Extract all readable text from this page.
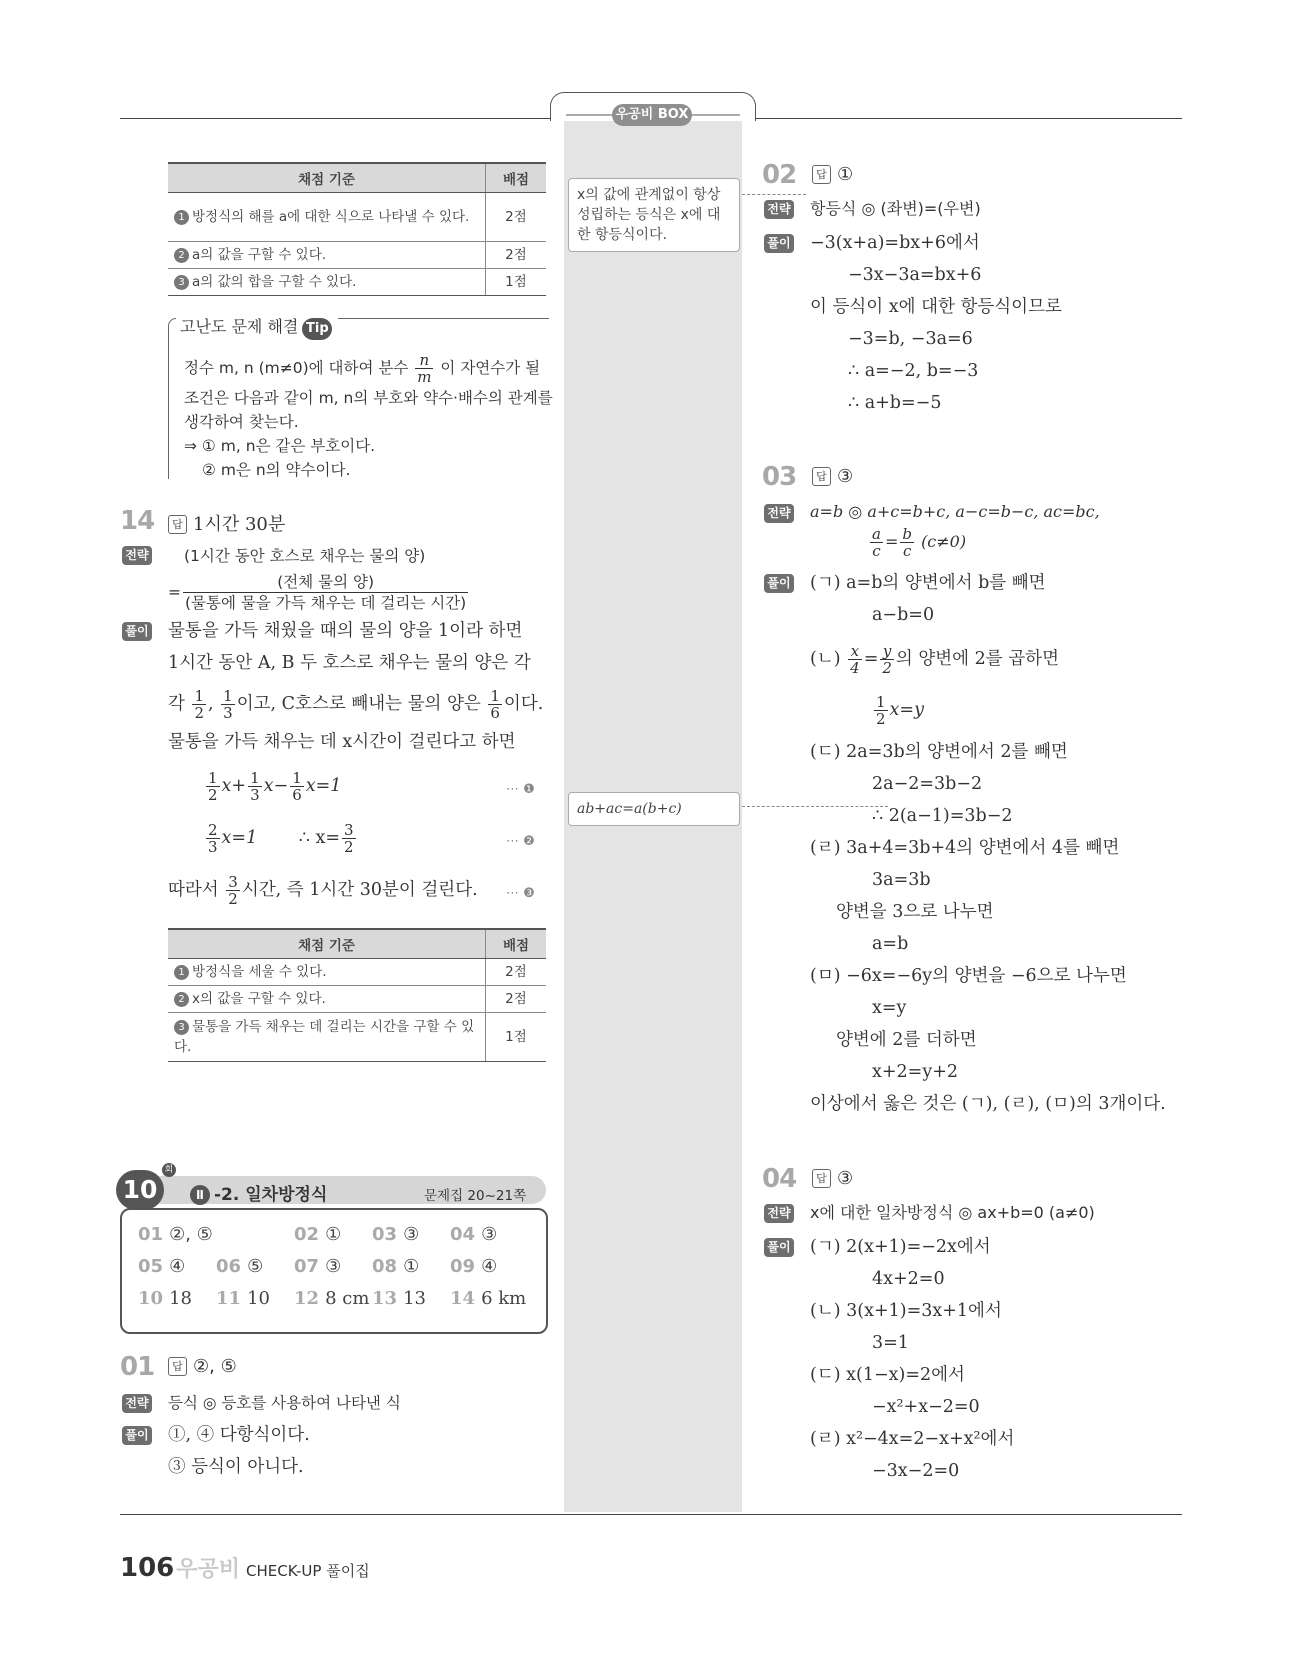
우공비 BOX
채점 기준	배점
1 방정식의 해를 a에 대한 식으로 나타낼 수 있다.	2점
2 a의 값을 구할 수 있다.	2점
3 a의 값의 합을 구할 수 있다.	1점
고난도 문제 해결 Tip
정수 m, n (m≠0)에 대하여 분수 $\frac{n}{m}$ 이 자연수가 될
조건은 다음과 같이 m, n의 부호와 약수·배수의 관계를
생각하여 찾는다.
⇒ ① m, n은 같은 부호이다.
② m은 n의 약수이다.
14	답 1시간 30분
전략 (1시간 동안 호스로 채우는 물의 양)
= $\frac{\text{(전체 물의 양)}}{\text{(물통에 물을 가득 채우는 데 걸리는 시간)}}$
풀이 물통을 가득 채웠을 때의 물의 양을 1이라 하면
1시간 동안 A, B 두 호스로 채우는 물의 양은 각
각 $\frac{1}{2}$ , $\frac{1}{3}$ 이고, C호스로 빼내는 물의 양은 $\frac{1}{6}$ 이다.
물통을 가득 채우는 데 x시간이 걸린다고 하면
$\frac{1}{2} x+ \frac{1}{3} x- \frac{1}{6} x=1$	⋯ ❶
$\frac{2}{3} x=1$ ∴ $x= \frac{3}{2}$	⋯ ❷
따라서 $\frac{3}{2}$ 시간, 즉 1시간 30분이 걸린다. ⋯ ❸
채점 기준	배점
1 방정식을 세울 수 있다.	2점
2 x의 값을 구할 수 있다.	2점
3 물통을 가득 채우는 데 걸리는 시간을 구할 수 있다.	1점
10
회
Ⅱ -2. 일차방정식	문제집 20~21쪽
01 ②, ⑤	02 ① 03 ③ 04 ③
05 ④ 06 ⑤ 07 ③ 08 ① 09 ④
10 18 11 10 12 8 cm 13 13 14 6 km
01	답 ②, ⑤
전략 등식 ◎ 등호를 사용하여 나타낸 식
풀이 ①, ④ 다항식이다.
③ 등식이 아니다.
x의 값에 관계없이 항상 성립하는 등식은 x에 대한 항등식이다.
ab+ac=a(b+c)
02	답 ①
전략 항등식 ◎ (좌변)=(우변)
풀이 −3(x+a)=bx+6에서
−3x−3a=bx+6
이 등식이 x에 대한 항등식이므로
−3=b, −3a=6
∴ a=−2, b=−3
∴ a+b=−5
03	답 ③
전략 a=b ◎ a+c=b+c, a−c=b−c, ac=bc,
$\frac{a}{c} = \frac{b}{c} (c\ne 0)$
풀이 (ㄱ) a=b의 양변에서 b를 빼면
a−b=0
(ㄴ) $\frac{x}{4} = \frac{y}{2}$ 의 양변에 2를 곱하면
$\frac{1}{2} x=y$
(ㄷ) 2a=3b의 양변에서 2를 빼면
2a−2=3b−2
∴ 2(a−1)=3b−2
(ㄹ) 3a+4=3b+4의 양변에서 4를 빼면
3a=3b
양변을 3으로 나누면
a=b
(ㅁ) −6x=−6y의 양변을 −6으로 나누면
x=y
양변에 2를 더하면
x+2=y+2
이상에서 옳은 것은 (ㄱ), (ㄹ), (ㅁ)의 3개이다.
04	답 ③
전략 x에 대한 일차방정식 ◎ ax+b=0 (a≠0)
풀이 (ㄱ) 2(x+1)=−2x에서
4x+2=0
(ㄴ) 3(x+1)=3x+1에서
3=1
(ㄷ) x(1−x)=2에서
−x²+x−2=0
(ㄹ) x²−4x=2−x+x²에서
−3x−2=0
106우공비 CHECK-UP 풀이집
